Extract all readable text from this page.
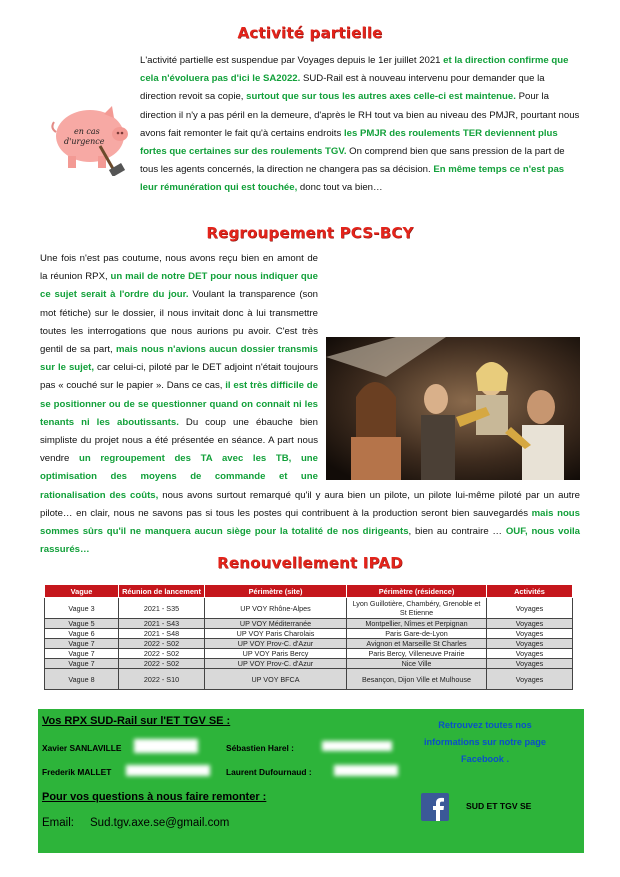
Activité partielle
en cas
d'urgence
L'activité partielle est suspendue par Voyages depuis le 1er juillet 2021 et la direction confirme que cela n'évoluera pas d'ici le SA2022. SUD-Rail est à nouveau intervenu pour demander que la direction revoit sa copie, surtout que sur tous les autres axes celle-ci est maintenue. Pour la direction il n'y a pas péril en la demeure, d'après le RH tout va bien au niveau des PMJR, pourtant nous avons fait remonter le fait qu'à certains endroits les PMJR des roulements TER deviennent plus fortes que certaines sur des roulements TGV. On comprend bien que sans pression de la part de tous les agents concernés, la direction ne changera pas sa décision. En même temps ce n'est pas leur rémunération qui est touchée, donc tout va bien…
Regroupement PCS-BCY
Une fois n'est pas coutume, nous avons reçu bien en amont de la réunion RPX, un mail de notre DET pour nous indiquer que ce sujet serait à l'ordre du jour. Voulant la transparence (son mot fétiche) sur le dossier, il nous invitait donc à lui transmettre toutes les interrogations que nous aurions pu avoir. C'est très gentil de sa part, mais nous n'avions aucun dossier transmis sur le sujet, car celui-ci, piloté par le DET adjoint n'était toujours pas « couché sur le papier ». Dans ce cas, il est très difficile de se positionner ou de se questionner quand on connait ni les tenants ni les aboutissants. Du coup une ébauche bien simpliste du projet nous a été présentée en séance. A part nous vendre un regroupement des TA avec les TB, une optimisation des moyens de commande et une rationalisation des coûts, nous avons surtout remarqué qu'il y aura bien un pilote, un pilote lui-même piloté par un autre pilote… en clair, nous ne savons pas si tous les postes qui contribuent à la production seront bien sauvegardés mais nous sommes sûrs qu'il ne manquera aucun siège pour la totalité de nos dirigeants, bien au contraire … OUF, nous voila rassurés…
Renouvellement IPAD
Vague	Réunion de lancement	Périmètre (site)	Périmètre (résidence)	Activités
Vague 3	2021 - S35	UP VOY Rhône-Alpes	Lyon Guillotière, Chambéry, Grenoble et St Etienne	Voyages
Vague 5	2021 - S43	UP VOY Méditerranée	Montpellier, Nîmes et Perpignan	Voyages
Vague 6	2021 - S48	UP VOY Paris Charolais	Paris Gare-de-Lyon	Voyages
Vague 7	2022 - S02	UP VOY Prov-C. d'Azur	Avignon et Marseille St Charles	Voyages
Vague 7	2022 - S02	UP VOY Paris Bercy	Paris Bercy, Villeneuve Prairie	Voyages
Vague 7	2022 - S02	UP VOY Prov-C. d'Azur	Nice Ville	Voyages
Vague 8	2022 - S10	UP VOY BFCA	Besançon, Dijon Ville et Mulhouse	Voyages
Vos RPX SUD-Rail sur l'ET TGV SE :
Xavier SANLAVILLE	Sébastien Harel :
Frederik MALLET	Laurent Dufournaud :
Pour vos questions à nous faire remonter :
Email: Sud.tgv.axe.se@gmail.com
Retrouvez toutes nos informations sur notre page Facebook .
SUD ET TGV SE
